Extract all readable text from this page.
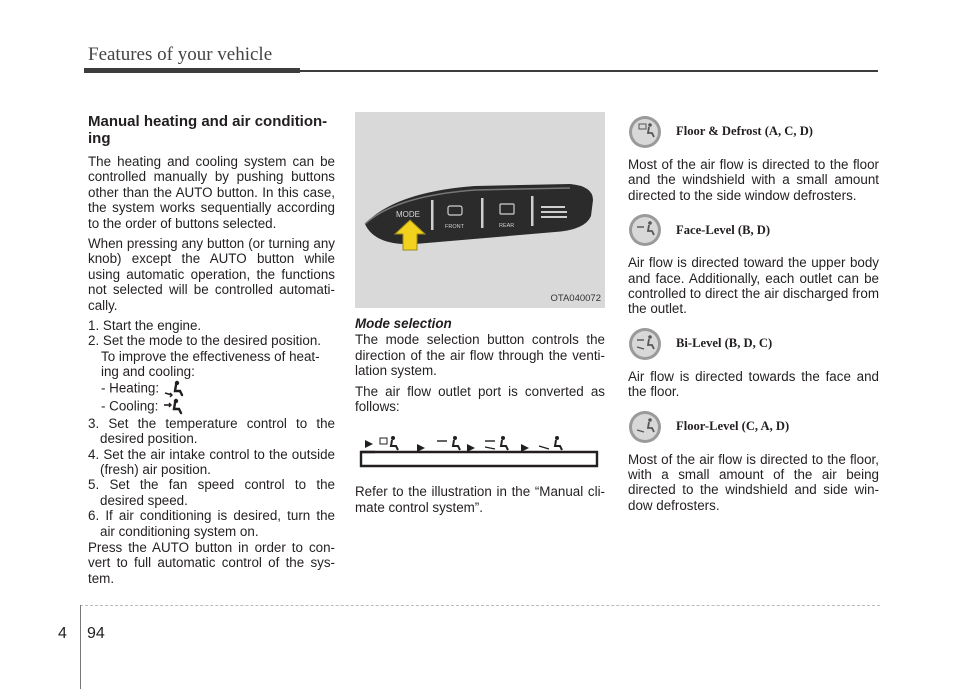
Features of your vehicle
Manual heating and air condition-ing

The heating and cooling system can be controlled manually by pushing buttons other than the AUTO button. In this case, the system works sequentially according to the order of buttons selected.

When pressing any button (or turning any knob) except the AUTO button while using automatic operation, the functions not selected will be controlled automati-cally.

1. Start the engine.
2. Set the mode to the desired position.
To improve the effectiveness of heat-ing and cooling:
- Heating:
- Cooling:
3. Set the temperature control to the desired position.
4. Set the air intake control to the outside (fresh) air position.
5. Set the fan speed control to the desired speed.
6. If air conditioning is desired, turn the air conditioning system on.

Press the AUTO button in order to con-vert to full automatic control of the sys-tem.

MODE
FRONT	REAR
OTA040072
Mode selection

The mode selection button controls the direction of the air flow through the venti-lation system.

The air flow outlet port is converted as follows:

Refer to the illustration in the “Manual cli-mate control system”.

Floor & Defrost (A, C, D)

Most of the air flow is directed to the floor and the windshield with a small amount directed to the side window defrosters.

Face-Level (B, D)

Air flow is directed toward the upper body and face. Additionally, each outlet can be controlled to direct the air discharged from the outlet.

Bi-Level (B, D, C)

Air flow is directed towards the face and the floor.

Floor-Level (C, A, D)

Most of the air flow is directed to the floor, with a small amount of the air being directed to the windshield and side win-dow defrosters.

4 94
